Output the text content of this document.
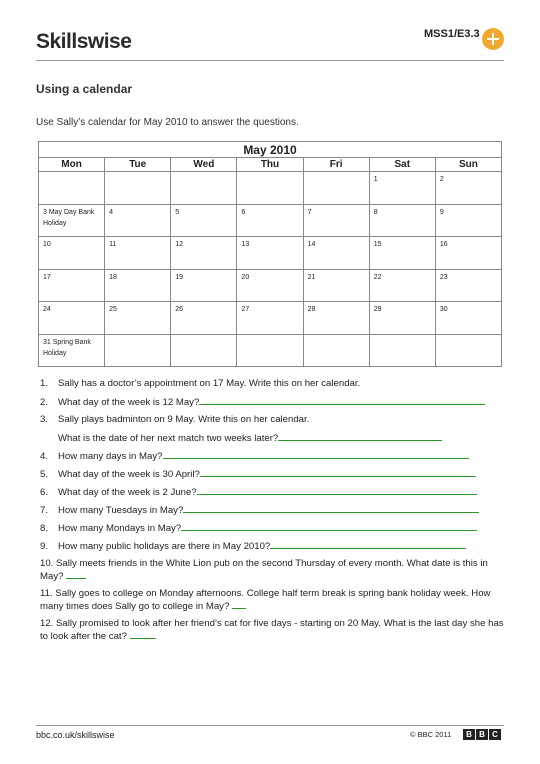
Skillswise	MSS1/E3.3
Using a calendar
Use Sally’s calendar for May 2010 to answer the questions.
May 2010						
Mon	Tue	Wed	Thu	Fri	Sat	Sun
					1	2
3 May Day Bank Holiday	4	5	6	7	8	9
10	11	12	13	14	15	16
17	18	19	20	21	22	23
24	25	26	27	28	29	30
31 Spring Bank Holiday						
1. Sally has a doctor’s appointment on 17 May. Write this on her calendar.
2. What day of the week is 12 May?
3. Sally plays badminton on 9 May. Write this on her calendar.
What is the date of her next match two weeks later?
4. How many days in May?
5. What day of the week is 30 April?
6. What day of the week is 2 June?
7. How many Tuesdays in May?
8. How many Mondays in May?
9. How many public holidays are there in May 2010?
10. Sally meets friends in the White Lion pub on the second Thursday of every month. What date is this in May?
11. Sally goes to college on Monday afternoons. College half term break is spring bank holiday week. How many times does Sally go to college in May?
12. Sally promised to look after her friend’s cat for five days - starting on 20 May. What is the last day she has to look after the cat?
bbc.co.uk/skillswise	© BBC 2011	B B C
